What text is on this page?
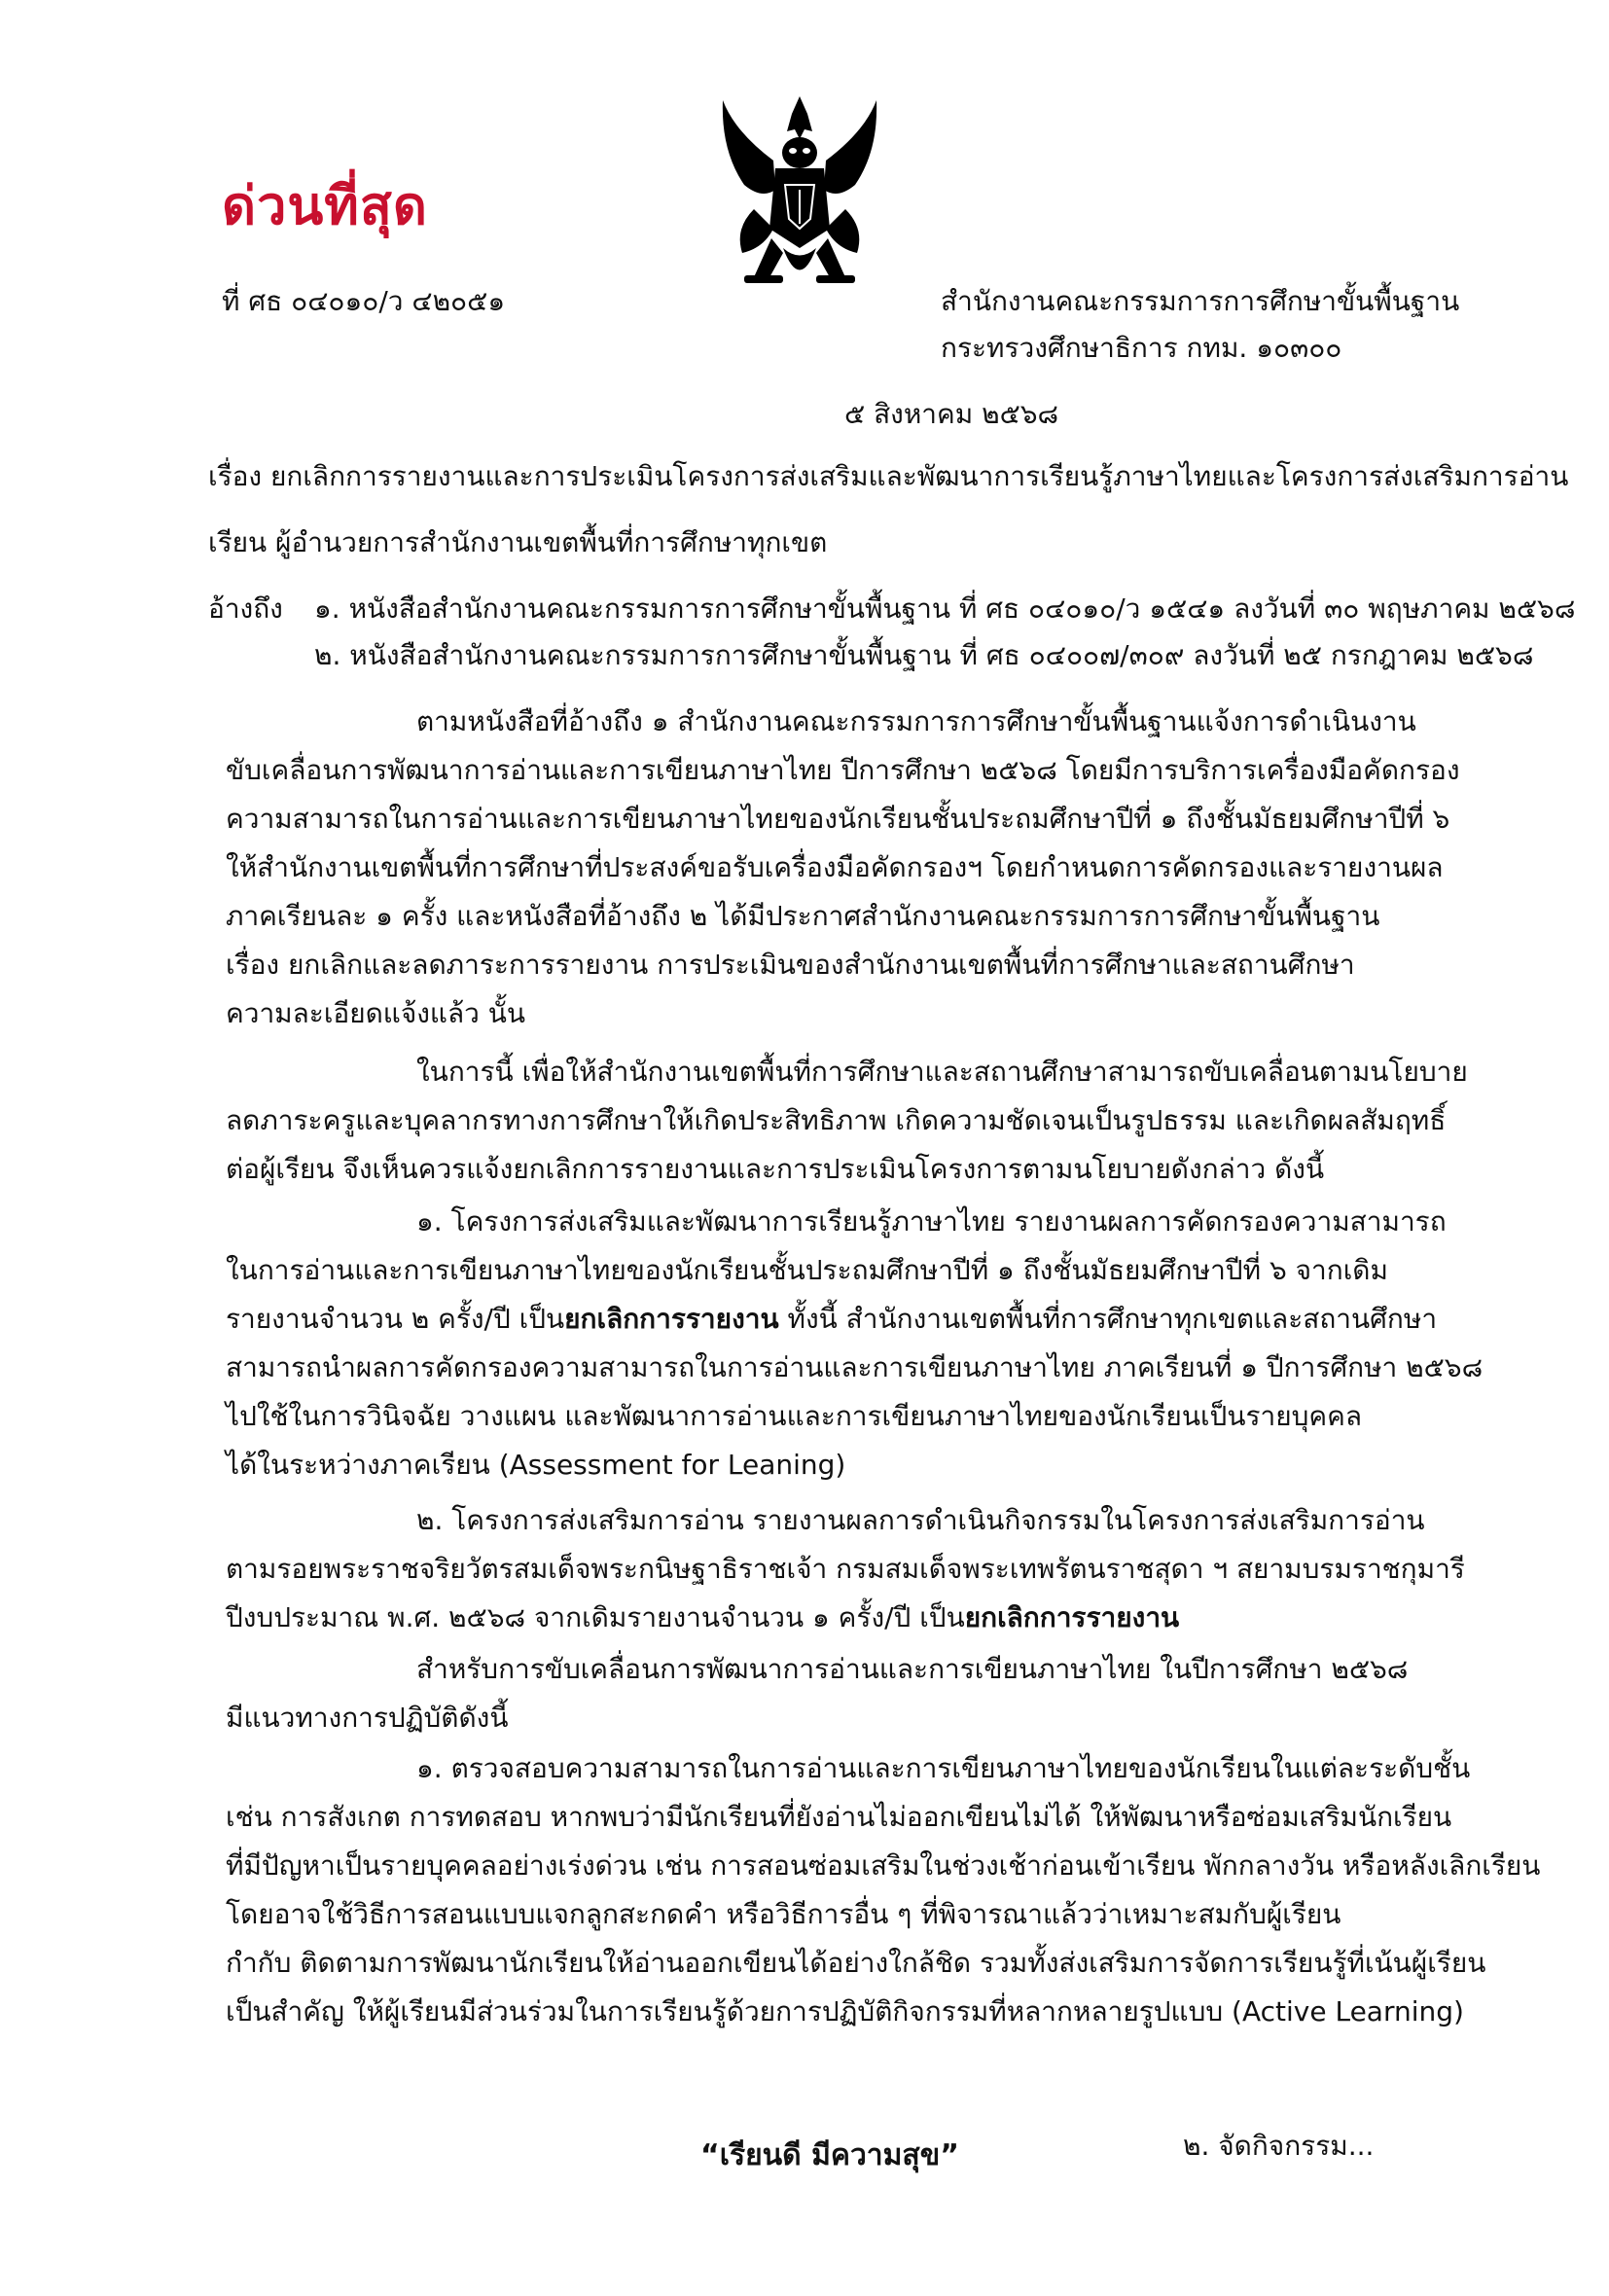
ด่วนที่สุด
ที่ ศธ ๐๔๐๑๐/ว ๔๒๐๕๑	สำนักงานคณะกรรมการการศึกษาขั้นพื้นฐาน
กระทรวงศึกษาธิการ กทม. ๑๐๓๐๐
๕ สิงหาคม ๒๕๖๘
เรื่อง ยกเลิกการรายงานและการประเมินโครงการส่งเสริมและพัฒนาการเรียนรู้ภาษาไทยและโครงการส่งเสริมการอ่าน
เรียน ผู้อำนวยการสำนักงานเขตพื้นที่การศึกษาทุกเขต
อ้างถึง ๑. หนังสือสำนักงานคณะกรรมการการศึกษาขั้นพื้นฐาน ที่ ศธ ๐๔๐๑๐/ว ๑๕๔๑ ลงวันที่ ๓๐ พฤษภาคม ๒๕๖๘
๒. หนังสือสำนักงานคณะกรรมการการศึกษาขั้นพื้นฐาน ที่ ศธ ๐๔๐๐๗/๓๐๙ ลงวันที่ ๒๕ กรกฎาคม ๒๕๖๘
ตามหนังสือที่อ้างถึง ๑ สำนักงานคณะกรรมการการศึกษาขั้นพื้นฐานแจ้งการดำเนินงาน
ขับเคลื่อนการพัฒนาการอ่านและการเขียนภาษาไทย ปีการศึกษา ๒๕๖๘ โดยมีการบริการเครื่องมือคัดกรอง
ความสามารถในการอ่านและการเขียนภาษาไทยของนักเรียนชั้นประถมศึกษาปีที่ ๑ ถึงชั้นมัธยมศึกษาปีที่ ๖
ให้สำนักงานเขตพื้นที่การศึกษาที่ประสงค์ขอรับเครื่องมือคัดกรองฯ โดยกำหนดการคัดกรองและรายงานผล
ภาคเรียนละ ๑ ครั้ง และหนังสือที่อ้างถึง ๒ ได้มีประกาศสำนักงานคณะกรรมการการศึกษาขั้นพื้นฐาน
เรื่อง ยกเลิกและลดภาระการรายงาน การประเมินของสำนักงานเขตพื้นที่การศึกษาและสถานศึกษา
ความละเอียดแจ้งแล้ว นั้น
ในการนี้ เพื่อให้สำนักงานเขตพื้นที่การศึกษาและสถานศึกษาสามารถขับเคลื่อนตามนโยบาย
ลดภาระครูและบุคลากรทางการศึกษาให้เกิดประสิทธิภาพ เกิดความชัดเจนเป็นรูปธรรม และเกิดผลสัมฤทธิ์
ต่อผู้เรียน จึงเห็นควรแจ้งยกเลิกการรายงานและการประเมินโครงการตามนโยบายดังกล่าว ดังนี้
๑. โครงการส่งเสริมและพัฒนาการเรียนรู้ภาษาไทย รายงานผลการคัดกรองความสามารถ
ในการอ่านและการเขียนภาษาไทยของนักเรียนชั้นประถมศึกษาปีที่ ๑ ถึงชั้นมัธยมศึกษาปีที่ ๖ จากเดิม
รายงานจำนวน ๒ ครั้ง/ปี เป็นยกเลิกการรายงาน ทั้งนี้ สำนักงานเขตพื้นที่การศึกษาทุกเขตและสถานศึกษา
สามารถนำผลการคัดกรองความสามารถในการอ่านและการเขียนภาษาไทย ภาคเรียนที่ ๑ ปีการศึกษา ๒๕๖๘
ไปใช้ในการวินิจฉัย วางแผน และพัฒนาการอ่านและการเขียนภาษาไทยของนักเรียนเป็นรายบุคคล
ได้ในระหว่างภาคเรียน (Assessment for Leaning)
๒. โครงการส่งเสริมการอ่าน รายงานผลการดำเนินกิจกรรมในโครงการส่งเสริมการอ่าน
ตามรอยพระราชจริยวัตรสมเด็จพระกนิษฐาธิราชเจ้า กรมสมเด็จพระเทพรัตนราชสุดา ฯ สยามบรมราชกุมารี
ปีงบประมาณ พ.ศ. ๒๕๖๘ จากเดิมรายงานจำนวน ๑ ครั้ง/ปี เป็นยกเลิกการรายงาน
สำหรับการขับเคลื่อนการพัฒนาการอ่านและการเขียนภาษาไทย ในปีการศึกษา ๒๕๖๘
มีแนวทางการปฏิบัติดังนี้
๑. ตรวจสอบความสามารถในการอ่านและการเขียนภาษาไทยของนักเรียนในแต่ละระดับชั้น
เช่น การสังเกต การทดสอบ หากพบว่ามีนักเรียนที่ยังอ่านไม่ออกเขียนไม่ได้ ให้พัฒนาหรือซ่อมเสริมนักเรียน
ที่มีปัญหาเป็นรายบุคคลอย่างเร่งด่วน เช่น การสอนซ่อมเสริมในช่วงเช้าก่อนเข้าเรียน พักกลางวัน หรือหลังเลิกเรียน
โดยอาจใช้วิธีการสอนแบบแจกลูกสะกดคำ หรือวิธีการอื่น ๆ ที่พิจารณาแล้วว่าเหมาะสมกับผู้เรียน
กำกับ ติดตามการพัฒนานักเรียนให้อ่านออกเขียนได้อย่างใกล้ชิด รวมทั้งส่งเสริมการจัดการเรียนรู้ที่เน้นผู้เรียน
เป็นสำคัญ ให้ผู้เรียนมีส่วนร่วมในการเรียนรู้ด้วยการปฏิบัติกิจกรรมที่หลากหลายรูปแบบ (Active Learning)
“เรียนดี มีความสุข”	๒. จัดกิจกรรม...
